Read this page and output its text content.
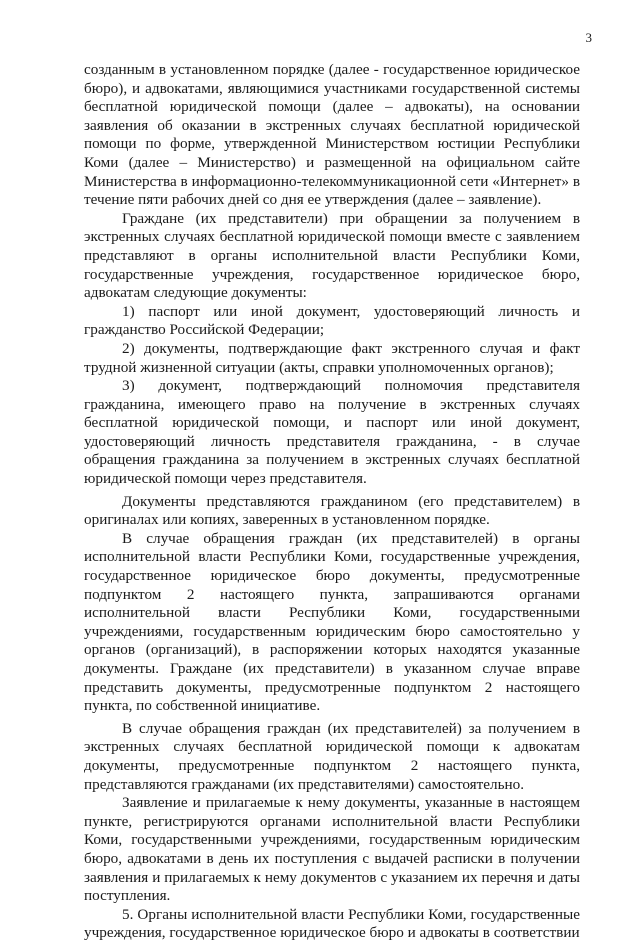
3

созданным в установленном порядке (далее - государственное юридическое бюро), и адвокатами, являющимися участниками государственной системы бесплатной юридической помощи (далее – адвокаты), на основании заявления об оказании в экстренных случаях бесплатной юридической помощи по форме, утвержденной Министерством юстиции Республики Коми (далее – Министерство) и размещенной на официальном сайте Министерства в информационно-телекоммуникационной сети «Интернет» в течение пяти рабочих дней со дня ее утверждения (далее – заявление).

Граждане (их представители) при обращении за получением в экстренных случаях бесплатной юридической помощи вместе с заявлением представляют в органы исполнительной власти Республики Коми, государственные учреждения, государственное юридическое бюро, адвокатам следующие документы:

1) паспорт или иной документ, удостоверяющий личность и гражданство Российской Федерации;

2) документы, подтверждающие факт экстренного случая и факт трудной жизненной ситуации (акты, справки уполномоченных органов);

3) документ, подтверждающий полномочия представителя гражданина, имеющего право на получение в экстренных случаях бесплатной юридической помощи, и паспорт или иной документ, удостоверяющий личность представителя гражданина, - в случае обращения гражданина за получением в экстренных случаях бесплатной юридической помощи через представителя.

Документы представляются гражданином (его представителем) в оригиналах или копиях, заверенных в установленном порядке.

В случае обращения граждан (их представителей) в органы исполнительной власти Республики Коми, государственные учреждения, государственное юридическое бюро документы, предусмотренные подпунктом 2 настоящего пункта, запрашиваются органами исполнительной власти Республики Коми, государственными учреждениями, государственным юридическим бюро самостоятельно у органов (организаций), в распоряжении которых находятся указанные документы. Граждане (их представители) в указанном случае вправе представить документы, предусмотренные подпунктом 2 настоящего пункта, по собственной инициативе.

В случае обращения граждан (их представителей) за получением в экстренных случаях бесплатной юридической помощи к адвокатам документы, предусмотренные подпунктом 2 настоящего пункта, представляются гражданами (их представителями) самостоятельно.

Заявление и прилагаемые к нему документы, указанные в настоящем пункте, регистрируются органами исполнительной власти Республики Коми, государственными учреждениями, государственным юридическим бюро, адвокатами в день их поступления с выдачей расписки в получении заявления и прилагаемых к нему документов с указанием их перечня и даты поступления.

5. Органы исполнительной власти Республики Коми, государственные учреждения, государственное юридическое бюро и адвокаты в соответствии
